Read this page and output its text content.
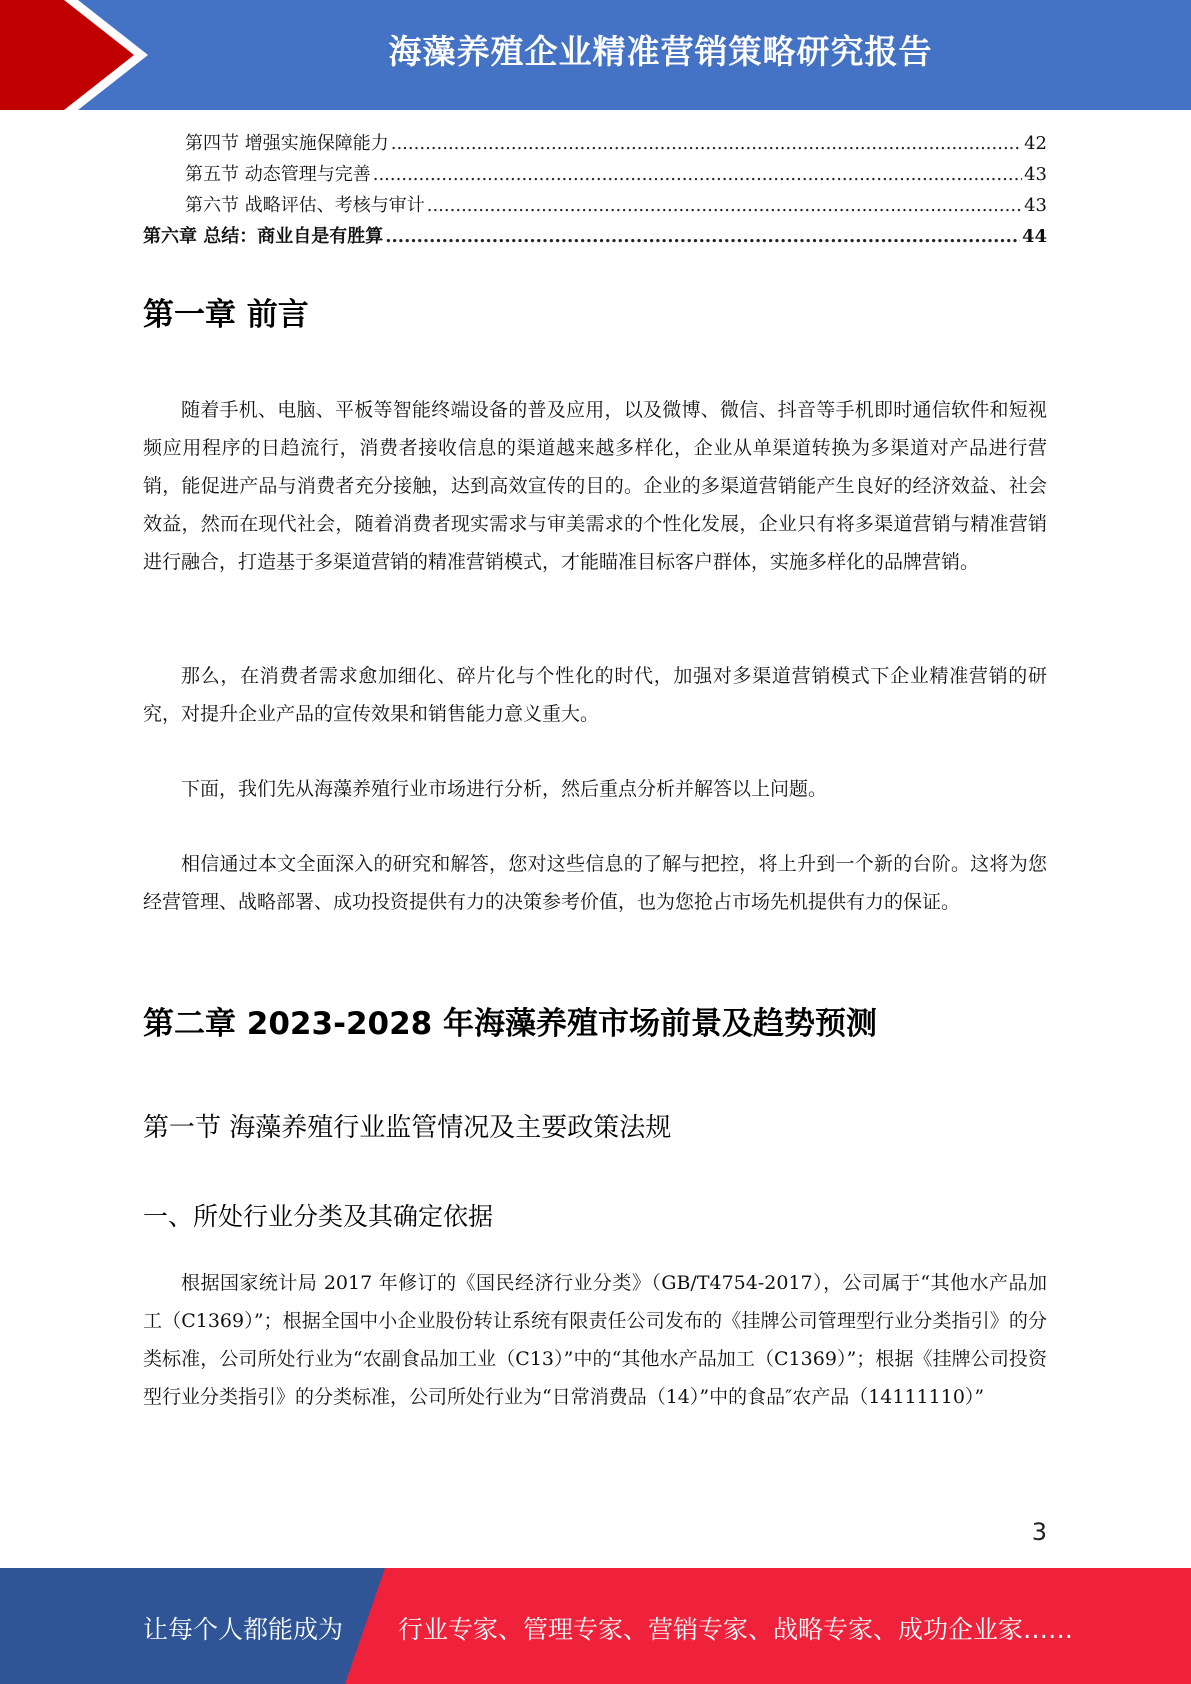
海藻养殖企业精准营销策略研究报告
第四节 增强实施保障能力 .....	42
第五节 动态管理与完善 .....	43
第六节 战略评估、考核与审计 .....	43
第六章 总结：商业自是有胜算 .....	44
第一章 前言

随着手机、电脑、平板等智能终端设备的普及应用，以及微博、微信、抖音等手机即时通信软件和短视频应用程序的日趋流行，消费者接收信息的渠道越来越多样化，企业从单渠道转换为多渠道对产品进行营销，能促进产品与消费者充分接触，达到高效宣传的目的。企业的多渠道营销能产生良好的经济效益、社会效益，然而在现代社会，随着消费者现实需求与审美需求的个性化发展，企业只有将多渠道营销与精准营销进行融合，打造基于多渠道营销的精准营销模式，才能瞄准目标客户群体，实施多样化的品牌营销。

那么，在消费者需求愈加细化、碎片化与个性化的时代，加强对多渠道营销模式下企业精准营销的研究，对提升企业产品的宣传效果和销售能力意义重大。

下面，我们先从海藻养殖行业市场进行分析，然后重点分析并解答以上问题。

相信通过本文全面深入的研究和解答，您对这些信息的了解与把控，将上升到一个新的台阶。这将为您经营管理、战略部署、成功投资提供有力的决策参考价值，也为您抢占市场先机提供有力的保证。

第二章 2023-2028 年海藻养殖市场前景及趋势预测
第一节 海藻养殖行业监管情况及主要政策法规
一、所处行业分类及其确定依据

根据国家统计局 2017 年修订的《国民经济行业分类》（GB/T4754-2017），公司属于“其他水产品加工（C1369）”；根据全国中小企业股份转让系统有限责任公司发布的《挂牌公司管理型行业分类指引》的分类标准，公司所处行业为“农副食品加工业（C13）”中的“其他水产品加工（C1369）”；根据《挂牌公司投资型行业分类指引》的分类标准，公司所处行业为“日常消费品（14）”中的食品″农产品（14111110）”

3
让每个人都能成为 行业专家、管理专家、营销专家、战略专家、成功企业家……
